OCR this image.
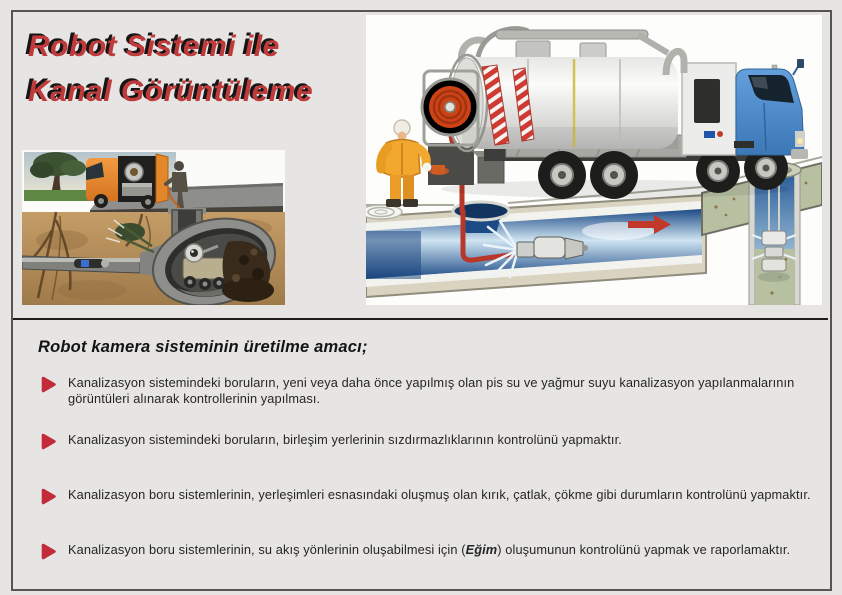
Robot Sistemi ile
Kanal Görüntüleme
Robot kamera sisteminin üretilme amacı;

Kanalizasyon sistemindeki boruların, yeni veya daha önce yapılmış olan pis su ve yağmur suyu kanalizasyon yapılanmalarının görüntüleri alınarak kontrollerinin yapılması.

Kanalizasyon sistemindeki boruların, birleşim yerlerinin sızdırmazlıklarının kontrolünü yapmaktır.

Kanalizasyon boru sistemlerinin, yerleşimleri esnasındaki oluşmuş olan kırık, çatlak, çökme gibi durumların kontrolünü yapmaktır.

Kanalizasyon boru sistemlerinin, su akış yönlerinin oluşabilmesi için (Eğim) oluşumunun kontrolünü yapmak ve raporlamaktır.
